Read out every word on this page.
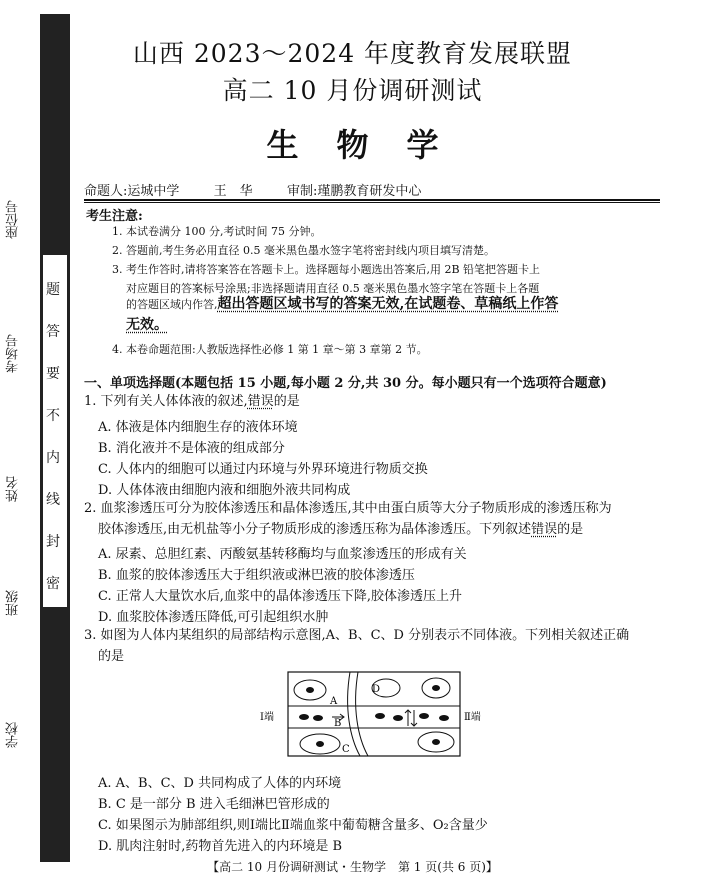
题
答
要
不
内
线
封
密
座位号
考场号
姓名
班级
学校
山西 2023～2024 年度教育发展联盟
高二 10 月份调研测试
生物学
命题人:运城中学	王　华	审制:瑾鹏教育研发中心
考生注意:
1. 本试卷满分 100 分,考试时间 75 分钟。
2. 答题前,考生务必用直径 0.5 毫米黑色墨水签字笔将密封线内项目填写清楚。
3. 考生作答时,请将答案答在答题卡上。选择题每小题选出答案后,用 2B 铅笔把答题卡上
对应题目的答案标号涂黑;非选择题请用直径 0.5 毫米黑色墨水签字笔在答题卡上各题
的答题区域内作答,超出答题区域书写的答案无效,在试题卷、草稿纸上作答
无效。
4. 本卷命题范围:人教版选择性必修 1 第 1 章～第 3 章第 2 节。
一、单项选择题(本题包括 15 小题,每小题 2 分,共 30 分。每小题只有一个选项符合题意)
1. 下列有关人体体液的叙述,错误的是
A. 体液是体内细胞生存的液体环境
B. 消化液并不是体液的组成部分
C. 人体内的细胞可以通过内环境与外界环境进行物质交换
D. 人体体液由细胞内液和细胞外液共同构成
2. 血浆渗透压可分为胶体渗透压和晶体渗透压,其中由蛋白质等大分子物质形成的渗透压称为
胶体渗透压,由无机盐等小分子物质形成的渗透压称为晶体渗透压。下列叙述错误的是
A. 尿素、总胆红素、丙酸氨基转移酶均与血浆渗透压的形成有关
B. 血浆的胶体渗透压大于组织液或淋巴液的胶体渗透压
C. 正常人大量饮水后,血浆中的晶体渗透压下降,胶体渗透压上升
D. 血浆胶体渗透压降低,可引起组织水肿
3. 如图为人体内某组织的局部结构示意图,A、B、C、D 分别表示不同体液。下列相关叙述正确
的是
Ⅰ端	Ⅱ端
A
B
C
D
A. A、B、C、D 共同构成了人体的内环境
B. C 是一部分 B 进入毛细淋巴管形成的
C. 如果图示为肺部组织,则Ⅰ端比Ⅱ端血浆中葡萄糖含量多、O₂含量少
D. 肌肉注射时,药物首先进入的内环境是 B
【高二 10 月份调研测试・生物学　第 1 页(共 6 页)】
